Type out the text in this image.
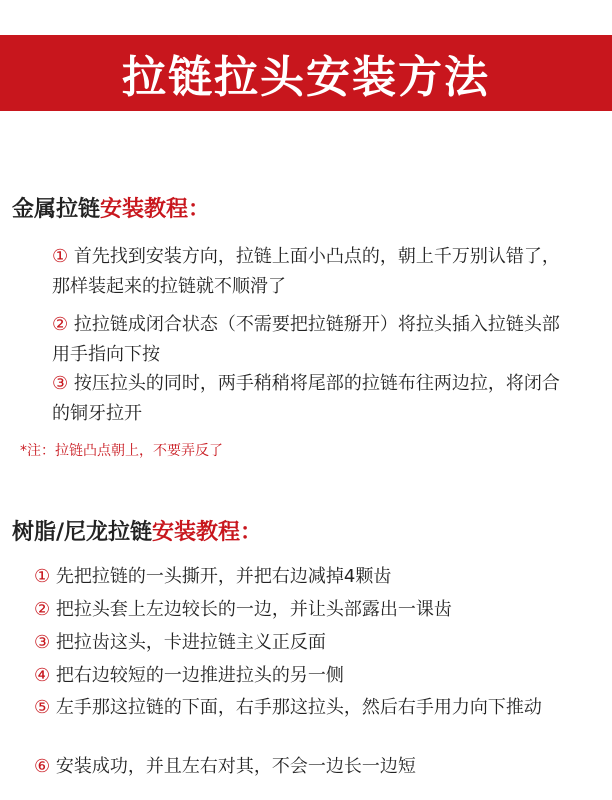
拉链拉头安装方法
金属拉链安装教程：
① 首先找到安装方向，拉链上面小凸点的，朝上千万别认错了，那样装起来的拉链就不顺滑了
② 拉拉链成闭合状态（不需要把拉链掰开）将拉头插入拉链头部用手指向下按
③ 按压拉头的同时，两手稍稍将尾部的拉链布往两边拉，将闭合的铜牙拉开
*注：拉链凸点朝上，不要弄反了
树脂/尼龙拉链安装教程：
① 先把拉链的一头撕开，并把右边减掉4颗齿
② 把拉头套上左边较长的一边，并让头部露出一课齿
③ 把拉齿这头，卡进拉链主义正反面
④ 把右边较短的一边推进拉头的另一侧
⑤ 左手那这拉链的下面，右手那这拉头，然后右手用力向下推动
⑥ 安装成功，并且左右对其，不会一边长一边短
